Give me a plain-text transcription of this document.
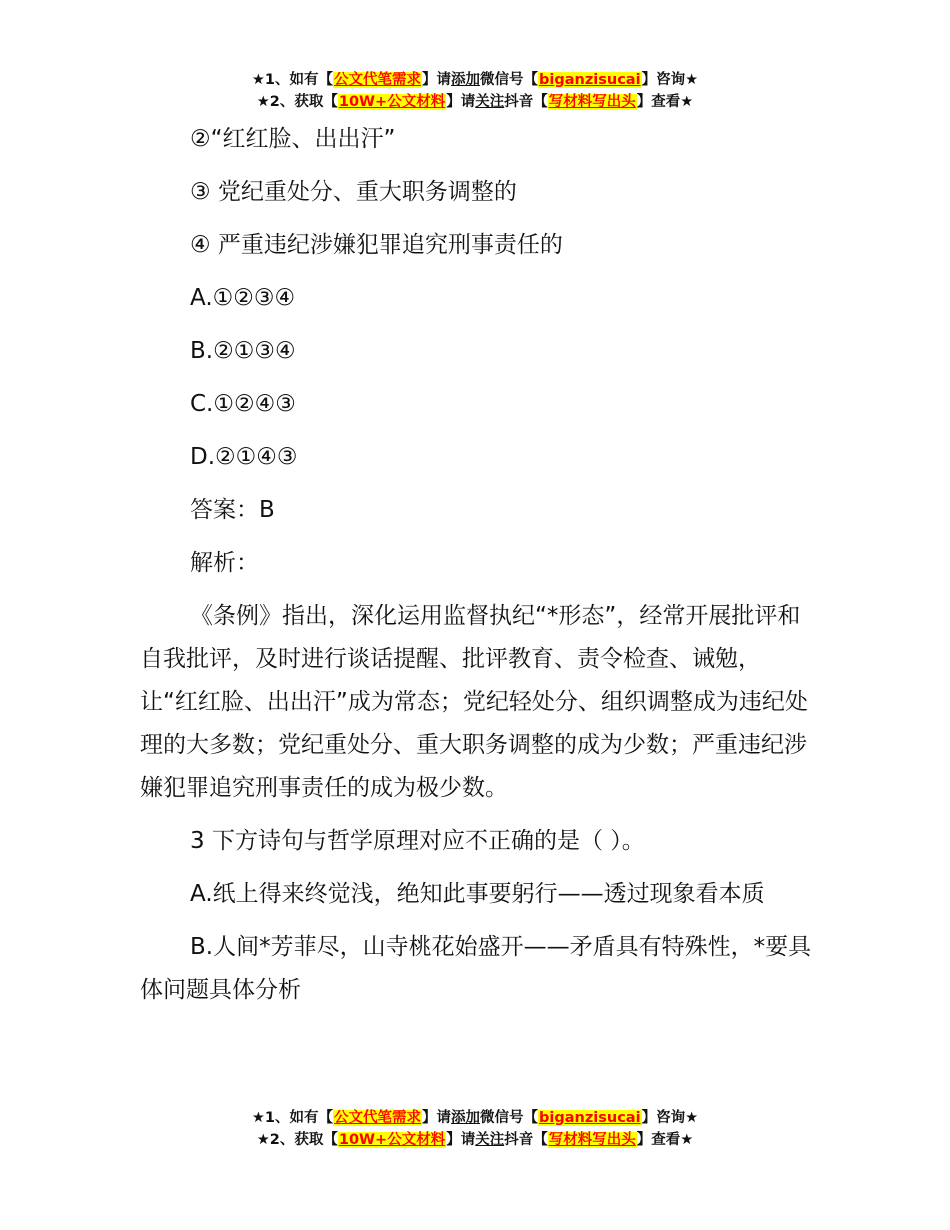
★1、如有【公文代笔需求】请添加微信号【biganzisucai】咨询★
★2、获取【10W+公文材料】请关注抖音【写材料写出头】查看★

②“红红脸、出出汗”

③ 党纪重处分、重大职务调整的

④ 严重违纪涉嫌犯罪追究刑事责任的

A.①②③④

B.②①③④

C.①②④③

D.②①④③

答案：B

解析：

《条例》指出，深化运用监督执纪“*形态”，经常开展批评和自我批评，及时进行谈话提醒、批评教育、责令检查、诫勉，让“红红脸、出出汗”成为常态；党纪轻处分、组织调整成为违纪处理的大多数；党纪重处分、重大职务调整的成为少数；严重违纪涉嫌犯罪追究刑事责任的成为极少数。

3 下方诗句与哲学原理对应不正确的是（ ）。

A.纸上得来终觉浅，绝知此事要躬行——透过现象看本质

B.人间*芳菲尽，山寺桃花始盛开——矛盾具有特殊性，*要具体问题具体分析

★1、如有【公文代笔需求】请添加微信号【biganzisucai】咨询★
★2、获取【10W+公文材料】请关注抖音【写材料写出头】查看★
